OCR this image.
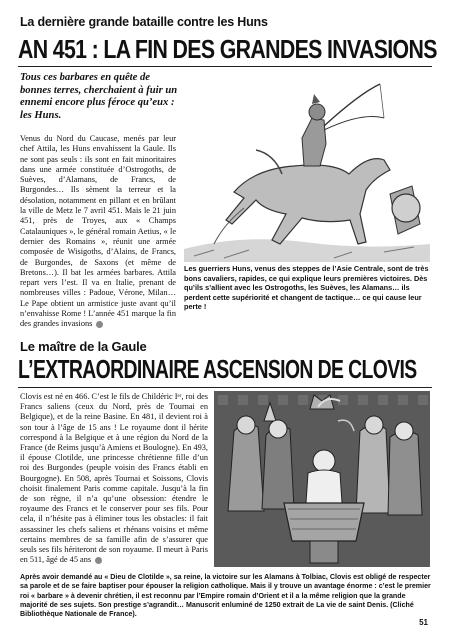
La dernière grande bataille contre les Huns
AN 451 : LA FIN DES GRANDES INVASIONS
Tous ces barbares en quête de bonnes terres, cherchaient à fuir un ennemi encore plus féroce qu’eux : les Huns.
Venus du Nord du Caucase, menés par leur chef Attila, les Huns envahissent la Gaule. Ils ne sont pas seuls : ils sont en fait minoritaires dans une armée constituée d’Ostrogoths, de Suèves, d’Alamans, de Francs, de Burgondes… Ils sèment la terreur et la désolation, notamment en pillant et en brûlant la ville de Metz le 7 avril 451. Mais le 21 juin 451, près de Troyes, aux « Champs Catalauniques », le général romain Aetius, « le dernier des Romains », réunit une armée composée de Wisigoths, d’Alains, de Francs, de Burgondes, de Saxons (et même de Bretons…). Il bat les armées barbares. Attila repart vers l’est. Il va en Italie, prenant de nombreuses villes : Padoue, Vérone, Milan… Le Pape obtient un armistice juste avant qu’il n’envahisse Rome ! L’année 451 marque la fin des grandes invasions
Les guerriers Huns, venus des steppes de l’Asie Centrale, sont de très bons cavaliers, rapides, ce qui explique leurs premières victoires. Dès qu’ils s’allient avec les Ostrogoths, les Suèves, les Alamans… ils perdent cette supériorité et changent de tactique… ce qui cause leur perte !
Le maître de la Gaule
L’EXTRAORDINAIRE ASCENSION DE CLOVIS
Clovis est né en 466. C’est le fils de Childéric Iᵉʳ, roi des Francs saliens (ceux du Nord, près de Tournai en Belgique), et de la reine Basine. En 481, il devient roi à son tour à l’âge de 15 ans ! Le royaume dont il hérite correspond à la Belgique et à une région du Nord de la France (de Reims jusqu’à Amiens et Boulogne). En 493, il épouse Clotilde, une princesse chrétienne fille d’un roi des Burgondes (peuple voisin des Francs établi en Bourgogne). En 508, après Tournai et Soissons, Clovis choisit finalement Paris comme capitale. Jusqu’à la fin de son règne, il n’a qu’une obsession: étendre le royaume des Francs et le conserver pour ses fils. Pour cela, il n’hésite pas à éliminer tous les obstacles: il fait assassiner les chefs saliens et rhénans voisins et même certains membres de sa famille afin de s’assurer que seuls ses fils hériteront de son royaume. Il meurt à Paris en 511, âgé de 45 ans
Après avoir demandé au « Dieu de Clotilde », sa reine, la victoire sur les Alamans à Tolbiac, Clovis est obligé de respecter sa parole et de se faire baptiser pour épouser la religion catholique. Mais il y trouve un avantage énorme : c’est le premier roi « barbare » à devenir chrétien, il est reconnu par l’Empire romain d’Orient et il a la même religion que la grande majorité de ses sujets. Son prestige s’agrandit… Manuscrit enluminé de 1250 extrait de La vie de saint Denis. (Cliché Bibliothèque Nationale de France).
51
